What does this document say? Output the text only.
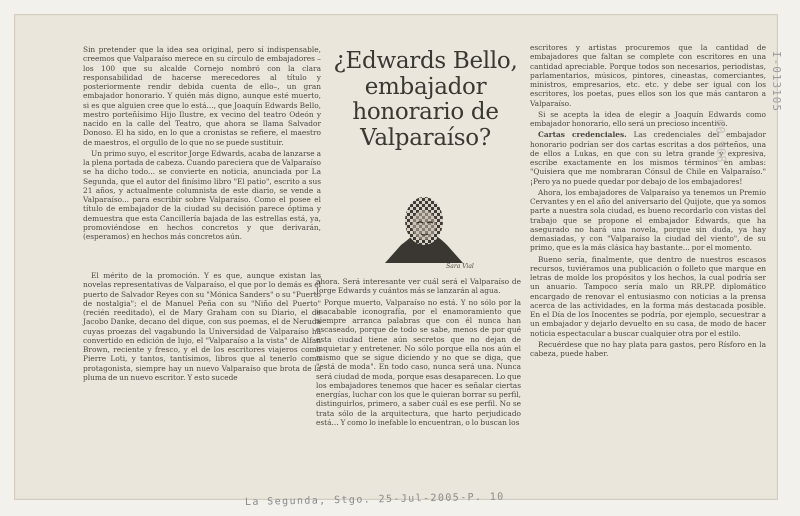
Sin pretender que la idea sea original, pero sí indispensable, creemos que Valparaíso merece en su círculo de embajadores –los 100 que su alcalde Cornejo nombró con la clara responsabilidad de hacerse merecedores al título y posteriormente rendir debida cuenta de ello–, un gran embajador honorario. Y quién más digno, aunque esté muerto, si es que alguien cree que lo está..., que Joaquín Edwards Bello, mestro porteñísimo Hijo Ilustre, ex vecino del teatro Odeón y nacido en la calle del Teatro, que ahora se llama Salvador Donoso. El ha sido, en lo que a cronistas se refiere, el maestro de maestros, el orgullo de lo que no se puede sustituir.

Un primo suyo, el escritor Jorge Edwards, acaba de lanzarse a la plena portada de cabeza. Cuando pareciera que de Valparaíso se ha dicho todo... se convierte en noticia, anunciada por La Segunda, que el autor del finísimo libro "El patio", escrito a sus 21 años, y actualmente columnista de este diario, se vende a Valparaíso... para escribir sobre Valparaíso. Como el posee el título de embajador de la ciudad su decisión parece óptima y demuestra que esta Cancillería bajada de las estrellas está, ya, promoviéndose en hechos concretos y que derivarán, (esperamos) en hechos más concretos aún.

El mérito de la promoción. Y es que, aunque existan las novelas representativas de Valparaíso, el que por lo demás es el puerto de Salvador Reyes con su "Mónica Sanders" o su "Puerto de nostalgia"; el de Manuel Peña con su "Niño del Puerto" (recién reeditado), el de Mary Graham con su Diario, el de Jacobo Danke, decano del dique, con sus poemas, el de Neruda cuyas proezas del vagabundo la Universidad de Valparaíso ha convertido en edición de lujo, el "Valparaíso a la vista" de Alfan Brown, reciente y fresco, y el de los escritores viajeros como Pierre Loti, y tantos, tantísimos, libros que al tenerlo como protagonista, siempre hay un nuevo Valparaíso que brota de la pluma de un nuevo escritor. Y esto sucede

¿Edwards Bello, embajador honorario de Valparaíso?
Sara Vial

ahora. Será interesante ver cuál será el Valparaíso de Jorge Edwards y cuántos más se lanzarán al agua.

Porque muerto, Valparaíso no está. Y no sólo por la inacabable iconografía, por el enamoramiento que siempre arranca palabras que con él nunca han escaseado, porque de todo se sabe, menos de por qué esta ciudad tiene aún secretos que no dejan de inquietar y entretener. No sólo porque ella nos aún el mismo que se sigue diciendo y no que se diga, que "está de moda". En todo caso, nunca será una. Nunca será ciudad de moda, porque esas desaparecen. Lo que los embajadores tenemos que hacer es señalar ciertas energías, luchar con los que le quieran borrar su perfil, distinguirlos, primero, a saber cuál es ese perfil. No se trata sólo de la arquitectura, que harto perjudicado está... Y como lo inefable lo encuentran, o lo buscan los

escritores y artistas procuremos que la cantidad de embajadores que faltan se complete con escritores en una cantidad apreciable. Porque todos son necesarios, periodistas, parlamentarios, músicos, pintores, cineastas, comerciantes, ministros, empresarios, etc. etc. y debe ser igual con los escritores, los poetas, pues ellos son los que más cantaron a Valparaíso.

Si se acepta la idea de elegir a Joaquín Edwards como embajador honorario, ello será un precioso incentivo.

Cartas credenciales. Las credenciales del embajador honorario podrían ser dos cartas escritas a dos porteños, una de ellos a Lukas, en que con su letra grande y expresiva, escribe exactamente en los mismos términos en ambas: "Quisiera que me nombraran Cónsul de Chile en Valparaíso." ¡Pero ya no puede quedar por debajo de los embajadores!

Ahora, los embajadores de Valparaíso ya tenemos un Premio Cervantes y en el año del aniversario del Quijote, que ya somos parte a nuestra sola ciudad, es bueno recordarlo con vistas del trabajo que se propone el embajador Edwards, que ha asegurado no hará una novela, porque sin duda, ya hay demasiadas, y con "Valparaíso la ciudad del viento", de su primo, que es la más clásica hay bastante... por el momento.

Bueno sería, finalmente, que dentro de nuestros escasos recursos, tuviéramos una publicación o folleto que marque en letras de molde los propósitos y los hechos, la cual podría ser un anuario. Tampoco sería malo un RR.PP. diplomático encargado de renovar el entusiasmo con noticias a la prensa acerca de las actividades, en la forma más destacada posible. En el Día de los Inocentes se podría, por ejemplo, secuestrar a un embajador y dejarlo devuelto en su casa, de modo de hacer noticia espectacular a buscar cualquier otra por el estilo.

Recuérdese que no hay plata para gastos, pero Rísforo en la cabeza, puede haber.

La Segunda, Stgo. 25-Jul-2005-P. 10
I-013105
00 908
